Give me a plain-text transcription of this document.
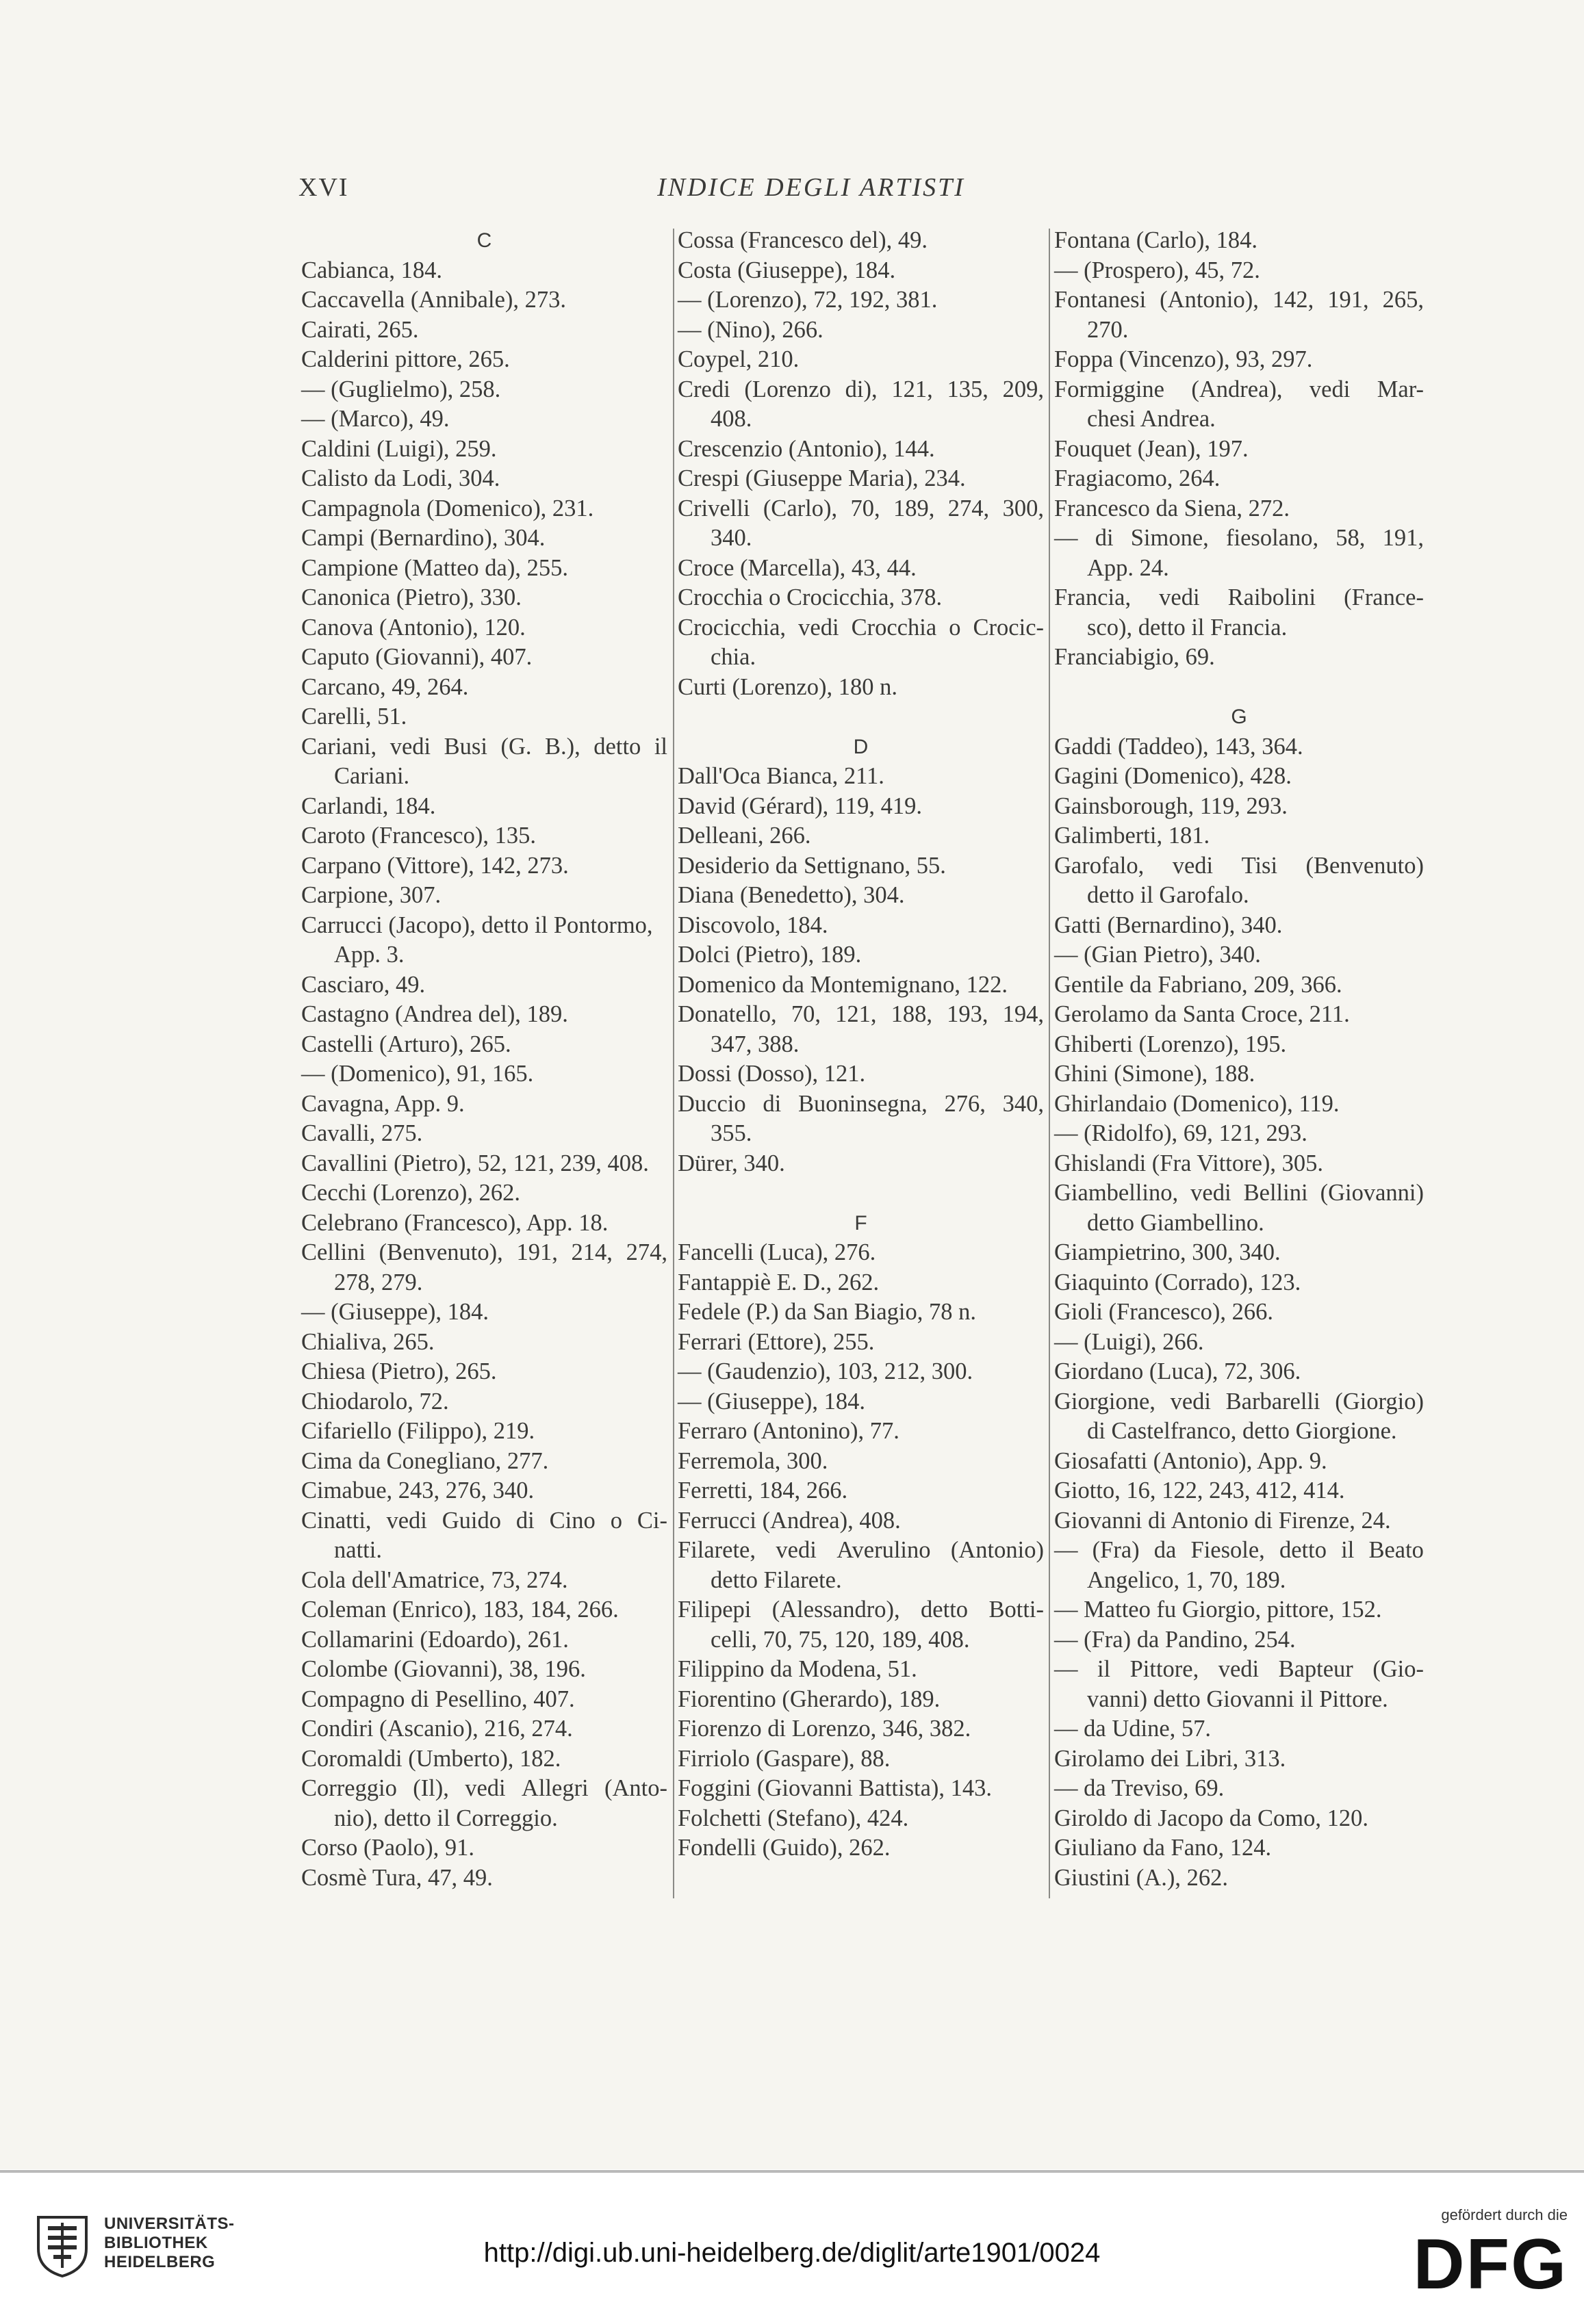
XVI	INDICE DEGLI ARTISTI
C
Cabianca, 184.
Caccavella (Annibale), 273.
Cairati, 265.
Calderini pittore, 265.
— (Guglielmo), 258.
— (Marco), 49.
Caldini (Luigi), 259.
Calisto da Lodi, 304.
Campagnola (Domenico), 231.
Campi (Bernardino), 304.
Campione (Matteo da), 255.
Canonica (Pietro), 330.
Canova (Antonio), 120.
Caputo (Giovanni), 407.
Carcano, 49, 264.
Carelli, 51.
Cariani, vedi Busi (G. B.), detto il
Cariani.
Carlandi, 184.
Caroto (Francesco), 135.
Carpano (Vittore), 142, 273.
Carpione, 307.
Carrucci (Jacopo), detto il Pontormo,
App. 3.
Casciaro, 49.
Castagno (Andrea del), 189.
Castelli (Arturo), 265.
— (Domenico), 91, 165.
Cavagna, App. 9.
Cavalli, 275.
Cavallini (Pietro), 52, 121, 239, 408.
Cecchi (Lorenzo), 262.
Celebrano (Francesco), App. 18.
Cellini (Benvenuto), 191, 214, 274,
278, 279.
— (Giuseppe), 184.
Chialiva, 265.
Chiesa (Pietro), 265.
Chiodarolo, 72.
Cifariello (Filippo), 219.
Cima da Conegliano, 277.
Cimabue, 243, 276, 340.
Cinatti, vedi Guido di Cino o Ci-
natti.
Cola dell'Amatrice, 73, 274.
Coleman (Enrico), 183, 184, 266.
Collamarini (Edoardo), 261.
Colombe (Giovanni), 38, 196.
Compagno di Pesellino, 407.
Condiri (Ascanio), 216, 274.
Coromaldi (Umberto), 182.
Correggio (Il), vedi Allegri (Anto-
nio), detto il Correggio.
Corso (Paolo), 91.
Cosmè Tura, 47, 49.
Cossa (Francesco del), 49.
Costa (Giuseppe), 184.
— (Lorenzo), 72, 192, 381.
— (Nino), 266.
Coypel, 210.
Credi (Lorenzo di), 121, 135, 209,
408.
Crescenzio (Antonio), 144.
Crespi (Giuseppe Maria), 234.
Crivelli (Carlo), 70, 189, 274, 300,
340.
Croce (Marcella), 43, 44.
Crocchia o Crocicchia, 378.
Crocicchia, vedi Crocchia o Crocic-
chia.
Curti (Lorenzo), 180 n.
D
Dall'Oca Bianca, 211.
David (Gérard), 119, 419.
Delleani, 266.
Desiderio da Settignano, 55.
Diana (Benedetto), 304.
Discovolo, 184.
Dolci (Pietro), 189.
Domenico da Montemignano, 122.
Donatello, 70, 121, 188, 193, 194,
347, 388.
Dossi (Dosso), 121.
Duccio di Buoninsegna, 276, 340,
355.
Dürer, 340.
F
Fancelli (Luca), 276.
Fantappiè E. D., 262.
Fedele (P.) da San Biagio, 78 n.
Ferrari (Ettore), 255.
— (Gaudenzio), 103, 212, 300.
— (Giuseppe), 184.
Ferraro (Antonino), 77.
Ferremola, 300.
Ferretti, 184, 266.
Ferrucci (Andrea), 408.
Filarete, vedi Averulino (Antonio)
detto Filarete.
Filipepi (Alessandro), detto Botti-
celli, 70, 75, 120, 189, 408.
Filippino da Modena, 51.
Fiorentino (Gherardo), 189.
Fiorenzo di Lorenzo, 346, 382.
Firriolo (Gaspare), 88.
Foggini (Giovanni Battista), 143.
Folchetti (Stefano), 424.
Fondelli (Guido), 262.
Fontana (Carlo), 184.
— (Prospero), 45, 72.
Fontanesi (Antonio), 142, 191, 265,
270.
Foppa (Vincenzo), 93, 297.
Formiggine (Andrea), vedi Mar-
chesi Andrea.
Fouquet (Jean), 197.
Fragiacomo, 264.
Francesco da Siena, 272.
— di Simone, fiesolano, 58, 191,
App. 24.
Francia, vedi Raibolini (France-
sco), detto il Francia.
Franciabigio, 69.
G
Gaddi (Taddeo), 143, 364.
Gagini (Domenico), 428.
Gainsborough, 119, 293.
Galimberti, 181.
Garofalo, vedi Tisi (Benvenuto)
detto il Garofalo.
Gatti (Bernardino), 340.
— (Gian Pietro), 340.
Gentile da Fabriano, 209, 366.
Gerolamo da Santa Croce, 211.
Ghiberti (Lorenzo), 195.
Ghini (Simone), 188.
Ghirlandaio (Domenico), 119.
— (Ridolfo), 69, 121, 293.
Ghislandi (Fra Vittore), 305.
Giambellino, vedi Bellini (Giovanni)
detto Giambellino.
Giampietrino, 300, 340.
Giaquinto (Corrado), 123.
Gioli (Francesco), 266.
— (Luigi), 266.
Giordano (Luca), 72, 306.
Giorgione, vedi Barbarelli (Giorgio)
di Castelfranco, detto Giorgione.
Giosafatti (Antonio), App. 9.
Giotto, 16, 122, 243, 412, 414.
Giovanni di Antonio di Firenze, 24.
— (Fra) da Fiesole, detto il Beato
Angelico, 1, 70, 189.
— Matteo fu Giorgio, pittore, 152.
— (Fra) da Pandino, 254.
— il Pittore, vedi Bapteur (Gio-
vanni) detto Giovanni il Pittore.
— da Udine, 57.
Girolamo dei Libri, 313.
— da Treviso, 69.
Giroldo di Jacopo da Como, 120.
Giuliano da Fano, 124.
Giustini (A.), 262.
UNIVERSITÄTS-
BIBLIOTHEK
HEIDELBERG	http://digi.ub.uni-heidelberg.de/diglit/arte1901/0024
gefördert durch die
DFG
